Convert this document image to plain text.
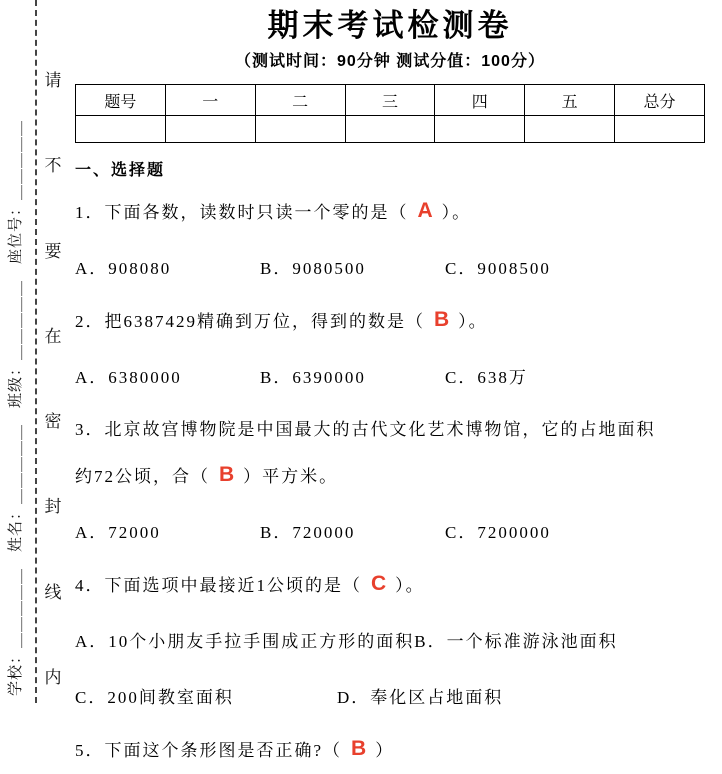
学校：＿＿＿＿＿　姓名：＿＿＿＿＿　班级：＿＿＿＿＿　座位号：＿＿＿＿＿
请
不
要
在
密
封
线
内
期末考试检测卷
（测试时间：90分钟 测试分值：100分）
题号	一	二	三	四	五	总分

一、选择题

1．下面各数，读数时只读一个零的是（ A ）。

A．908080	B．9080500	C．9008500

2．把6387429精确到万位，得到的数是（ B ）。

A．6380000	B．6390000	C．638万

3．北京故宫博物院是中国最大的古代文化艺术博物馆，它的占地面积
约72公顷，合（ B ）平方米。

A．72000	B．720000	C．7200000

4．下面选项中最接近1公顷的是（ C ）。

A．10个小朋友手拉手围成正方形的面积B．一个标准游泳池面积

C．200间教室面积	D．奉化区占地面积

5．下面这个条形图是否正确?（ B ）
